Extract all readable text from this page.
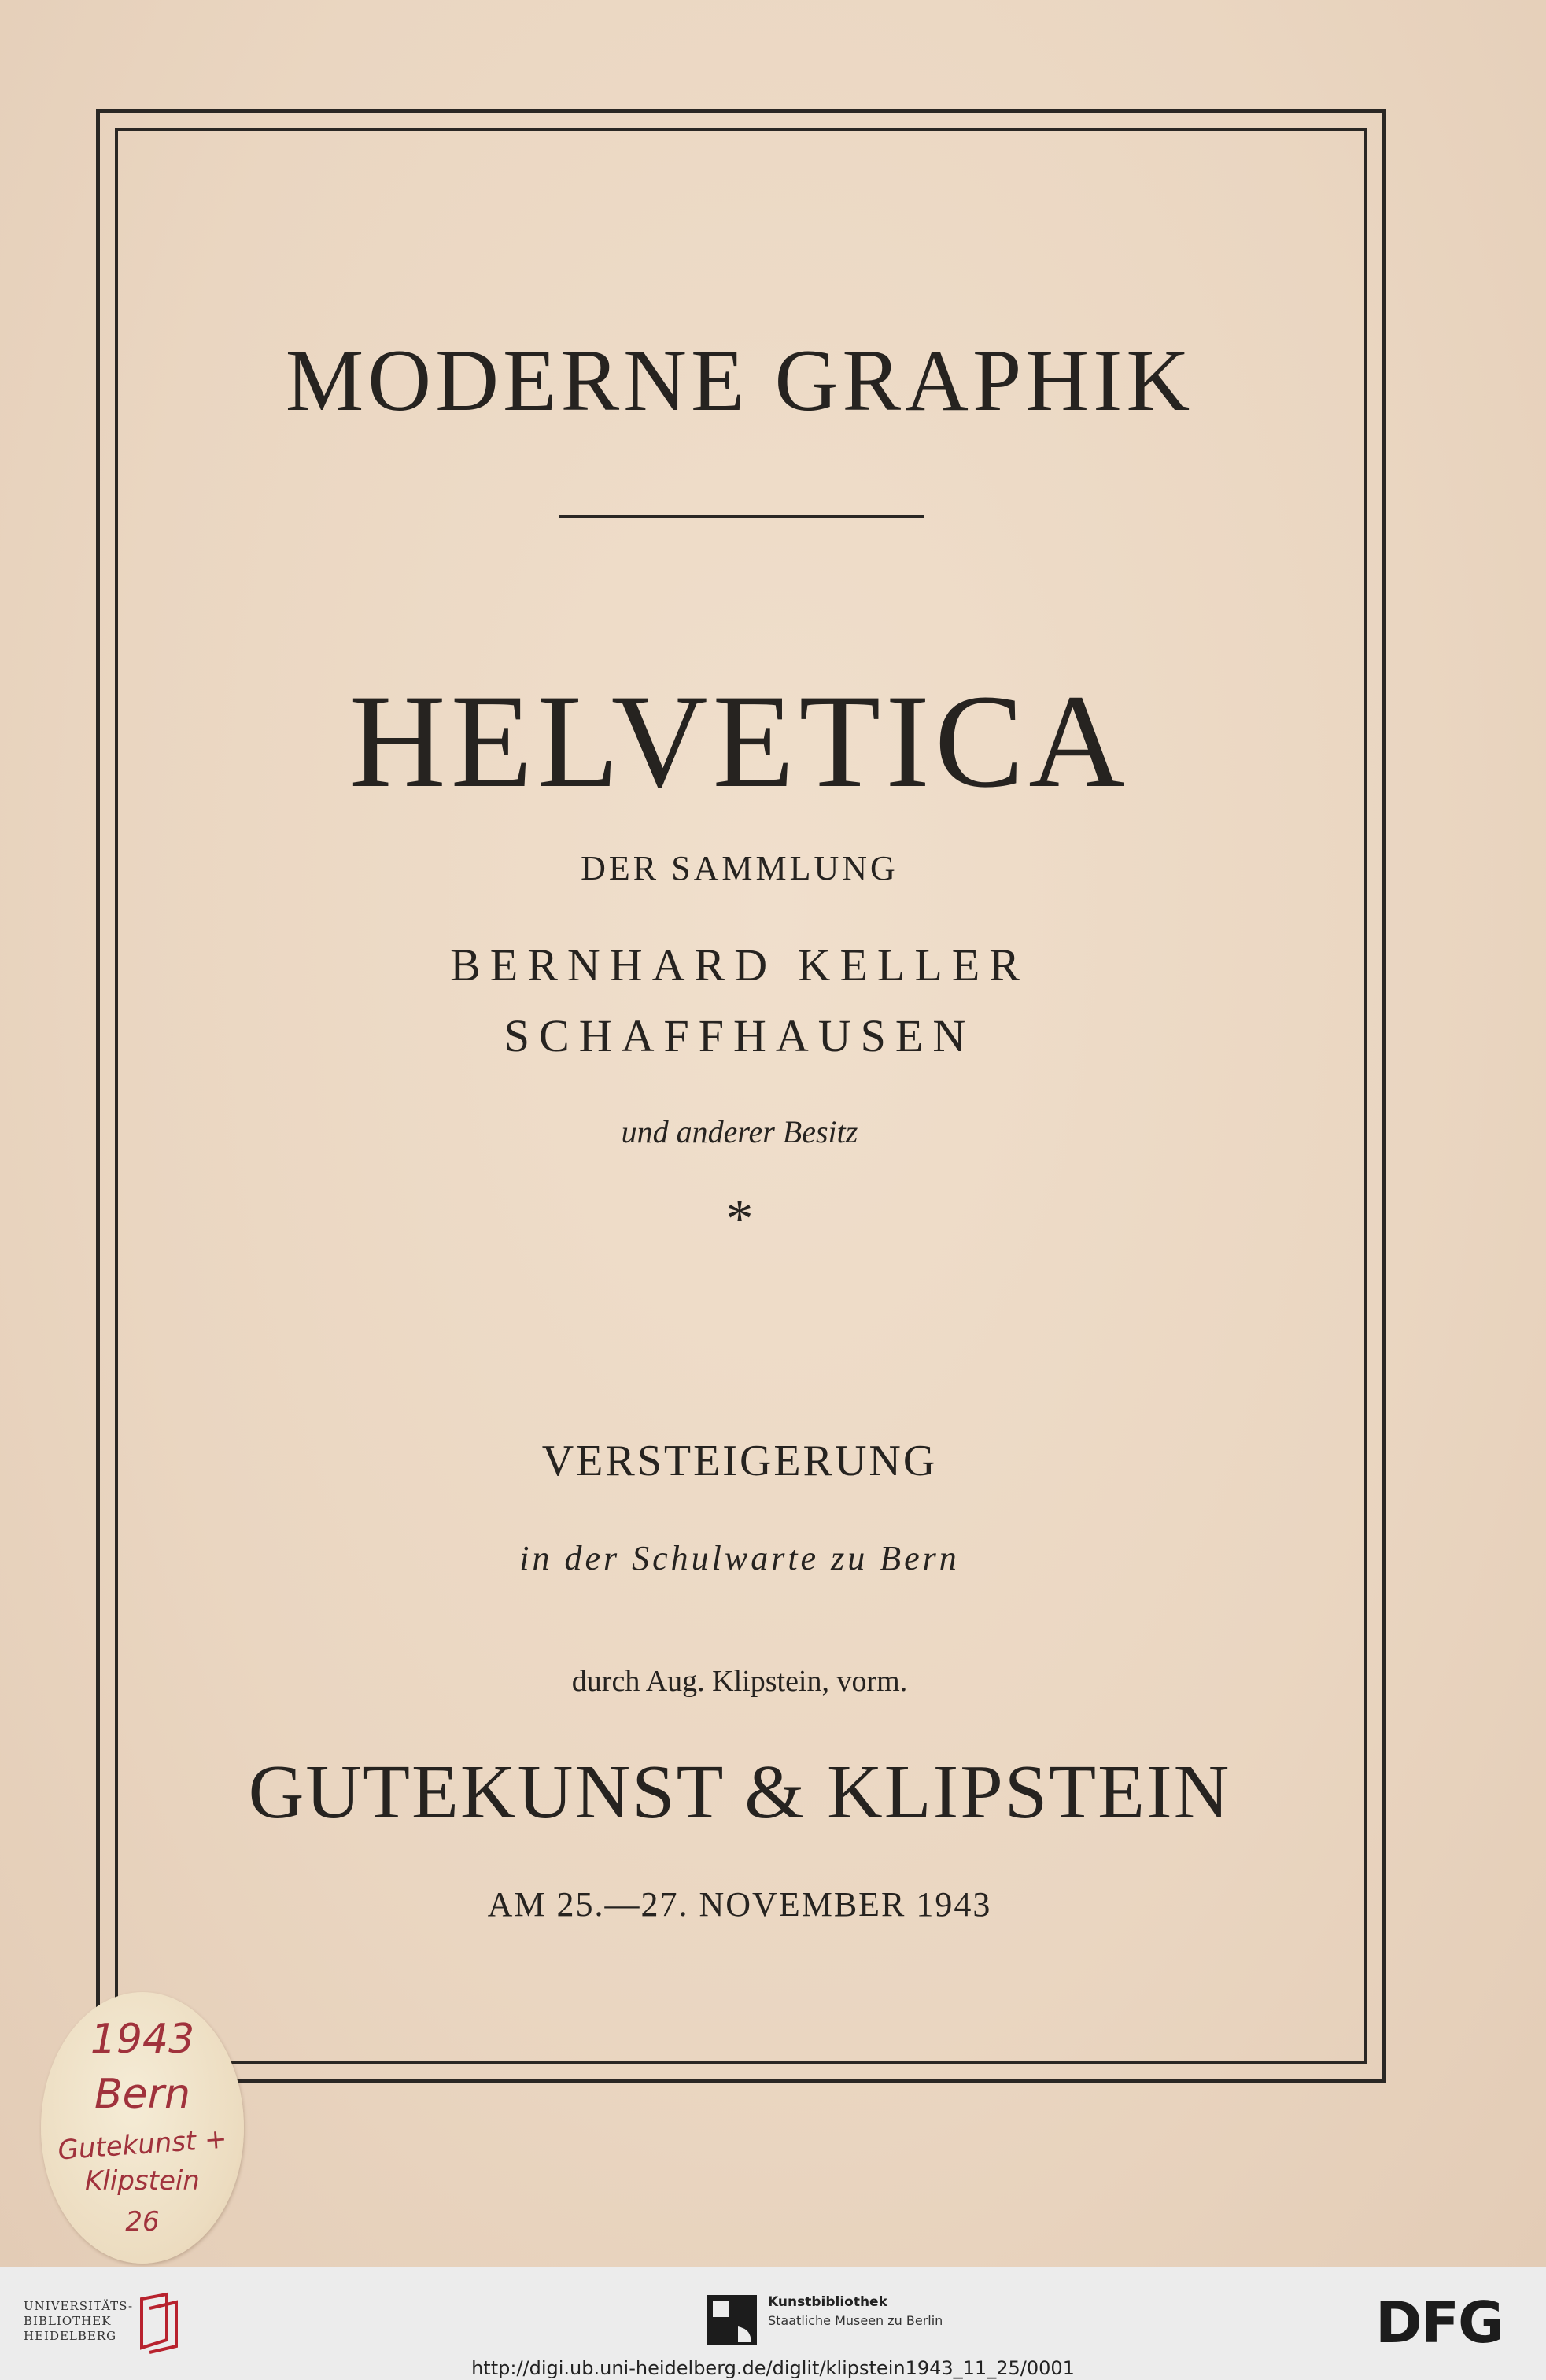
MODERNE GRAPHIK
HELVETICA
DER SAMMLUNG
BERNHARD KELLER
SCHAFFHAUSEN
und anderer Besitz
*
VERSTEIGERUNG
in der Schulwarte zu Bern
durch Aug. Klipstein, vorm.
GUTEKUNST & KLIPSTEIN
AM 25.—27. NOVEMBER 1943
1943
Bern
Gutekunst +
Klipstein
26
UNIVERSITÄTS-
BIBLIOTHEK
HEIDELBERG
Kunstbibliothek
Staatliche Museen zu Berlin	DFG
http://digi.ub.uni-heidelberg.de/diglit/klipstein1943_11_25/0001
